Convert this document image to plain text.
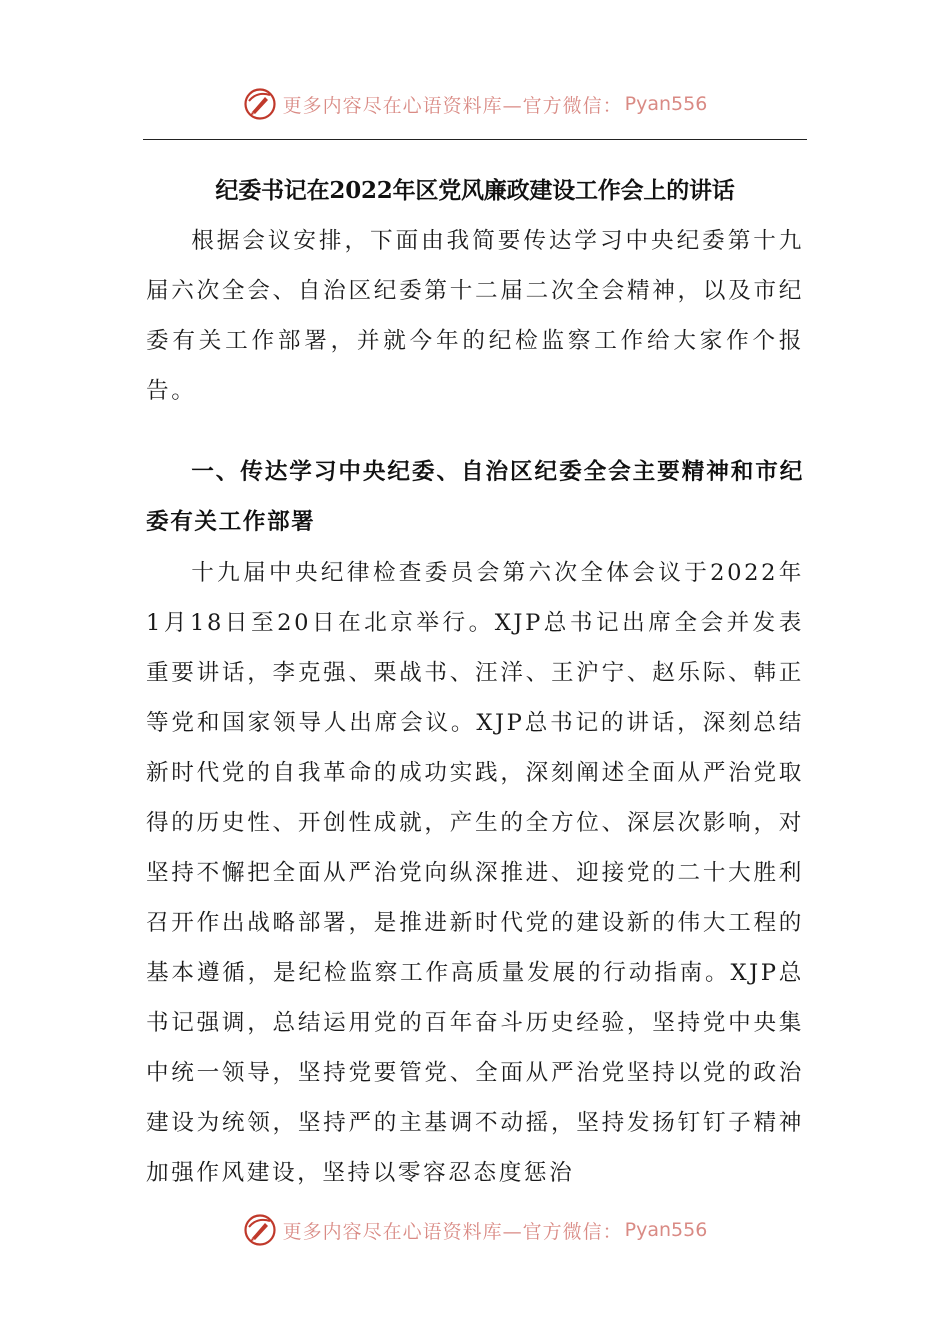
更多内容尽在心语资料库—官方微信： Pyan556
纪委书记在2022年区党风廉政建设工作会上的讲话

根据会议安排，下面由我简要传达学习中央纪委第十九届六次全会、自治区纪委第十二届二次全会精神，以及市纪委有关工作部署，并就今年的纪检监察工作给大家作个报告。

一、传达学习中央纪委、自治区纪委全会主要精神和市纪委有关工作部署

十九届中央纪律检查委员会第六次全体会议于2022年1月18日至20日在北京举行。XJP总书记出席全会并发表重要讲话，李克强、栗战书、汪洋、王沪宁、赵乐际、韩正等党和国家领导人出席会议。XJP总书记的讲话，深刻总结新时代党的自我革命的成功实践，深刻阐述全面从严治党取得的历史性、开创性成就，产生的全方位、深层次影响，对坚持不懈把全面从严治党向纵深推进、迎接党的二十大胜利召开作出战略部署，是推进新时代党的建设新的伟大工程的基本遵循，是纪检监察工作高质量发展的行动指南。XJP总书记强调，总结运用党的百年奋斗历史经验，坚持党中央集中统一领导，坚持党要管党、全面从严治党坚持以党的政治建设为统领，坚持严的主基调不动摇，坚持发扬钉钉子精神加强作风建设，坚持以零容忍态度惩治

更多内容尽在心语资料库—官方微信： Pyan556
